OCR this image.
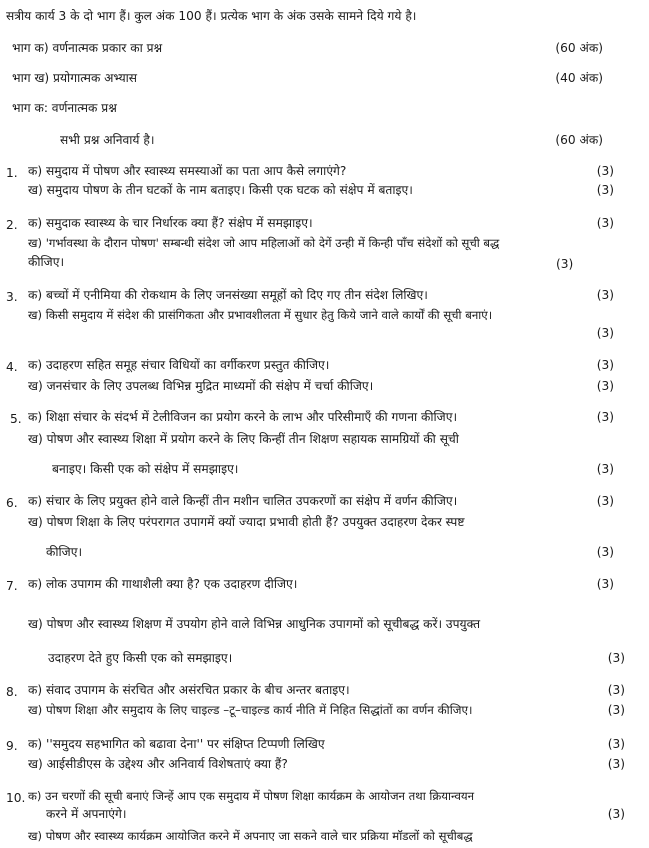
सत्रीय कार्य 3 के दो भाग हैं। कुल अंक 100 हैं। प्रत्येक भाग के अंक उसके सामने दिये गये है।
भाग क) वर्णनात्मक प्रकार का प्रश्न	(60 अंक)
भाग ख) प्रयोगात्मक अभ्यास	(40 अंक)
भाग क: वर्णनात्मक प्रश्न
सभी प्रश्न अनिवार्य है।	(60 अंक)
1. क) समुदाय में पोषण और स्वास्थ्य समस्याओं का पता आप कैसे लगाएंगे?	(3)
ख) समुदाय पोषण के तीन घटकों के नाम बताइए। किसी एक घटक को संक्षेप में बताइए।	(3)
2. क) समुदाक स्वास्थ्य के चार निर्धारक क्या हैं? संक्षेप में समझाइए।	(3)
ख) 'गर्भावस्था के दौरान पोषण' सम्बन्धी संदेश जो आप महिलाओं को देगें उन्ही में किन्ही पाँच संदेशों को सूची बद्ध
कीजिए।	(3)
3. क) बच्चों में एनीमिया की रोकथाम के लिए जनसंख्या समूहों को दिए गए तीन संदेश लिखिए।	(3)
ख) किसी समुदाय में संदेश की प्रासंगिकता और प्रभावशीलता में सुधार हेतु किये जाने वाले कार्यों की सूची बनाएं।
(3)
4. क) उदाहरण सहित समूह संचार विधियों का वर्गीकरण प्रस्तुत कीजिए।	(3)
ख) जनसंचार के लिए उपलब्ध विभिन्न मुद्रित माध्यमों की संक्षेप में चर्चा कीजिए।	(3)
5. क) शिक्षा संचार के संदर्भ में टेलीविजन का प्रयोग करने के लाभ और परिसीमाएँ की गणना कीजिए।	(3)
ख) पोषण और स्वास्थ्य शिक्षा में प्रयोग करने के लिए किन्हीं तीन शिक्षण सहायक सामग्रियों की सूची
बनाइए। किसी एक को संक्षेप में समझाइए।	(3)
6. क) संचार के लिए प्रयुक्त होने वाले किन्हीं तीन मशीन चालित उपकरणों का संक्षेप में वर्णन कीजिए।	(3)
ख) पोषण शिक्षा के लिए परंपरागत उपागमें क्यों ज्यादा प्रभावी होती हैं? उपयुक्त उदाहरण देकर स्पष्ट
कीजिए।	(3)
7. क) लोक उपागम की गाथाशैली क्या है? एक उदाहरण दीजिए।	(3)
ख) पोषण और स्वास्थ्य शिक्षण में उपयोग होने वाले विभिन्न आधुनिक उपागमों को सूचीबद्ध करें। उपयुक्त
उदाहरण देते हुए किसी एक को समझाइए।	(3)
8. क) संवाद उपागम के संरचित और असंरचित प्रकार के बीच अन्तर बताइए।	(3)
ख) पोषण शिक्षा और समुदाय के लिए चाइल्ड –टू–चाइल्ड कार्य नीति में निहित सिद्धांतों का वर्णन कीजिए।	(3)
9. क) ''समुदय सहभागित को बढावा देना'' पर संक्षिप्त टिप्पणी लिखिए	(3)
ख) आईसीडीएस के उद्देश्य और अनिवार्य विशेषताएं क्या हैं?	(3)
10. क) उन चरणों की सूची बनाएं जिन्हें आप एक समुदाय में पोषण शिक्षा कार्यक्रम के आयोजन तथा क्रियान्वयन
करने में अपनाएंगे।	(3)
ख) पोषण और स्वास्थ्य कार्यक्रम आयोजित करने में अपनाए जा सकने वाले चार प्रक्रिया मॉडलों को सूचीबद्ध
